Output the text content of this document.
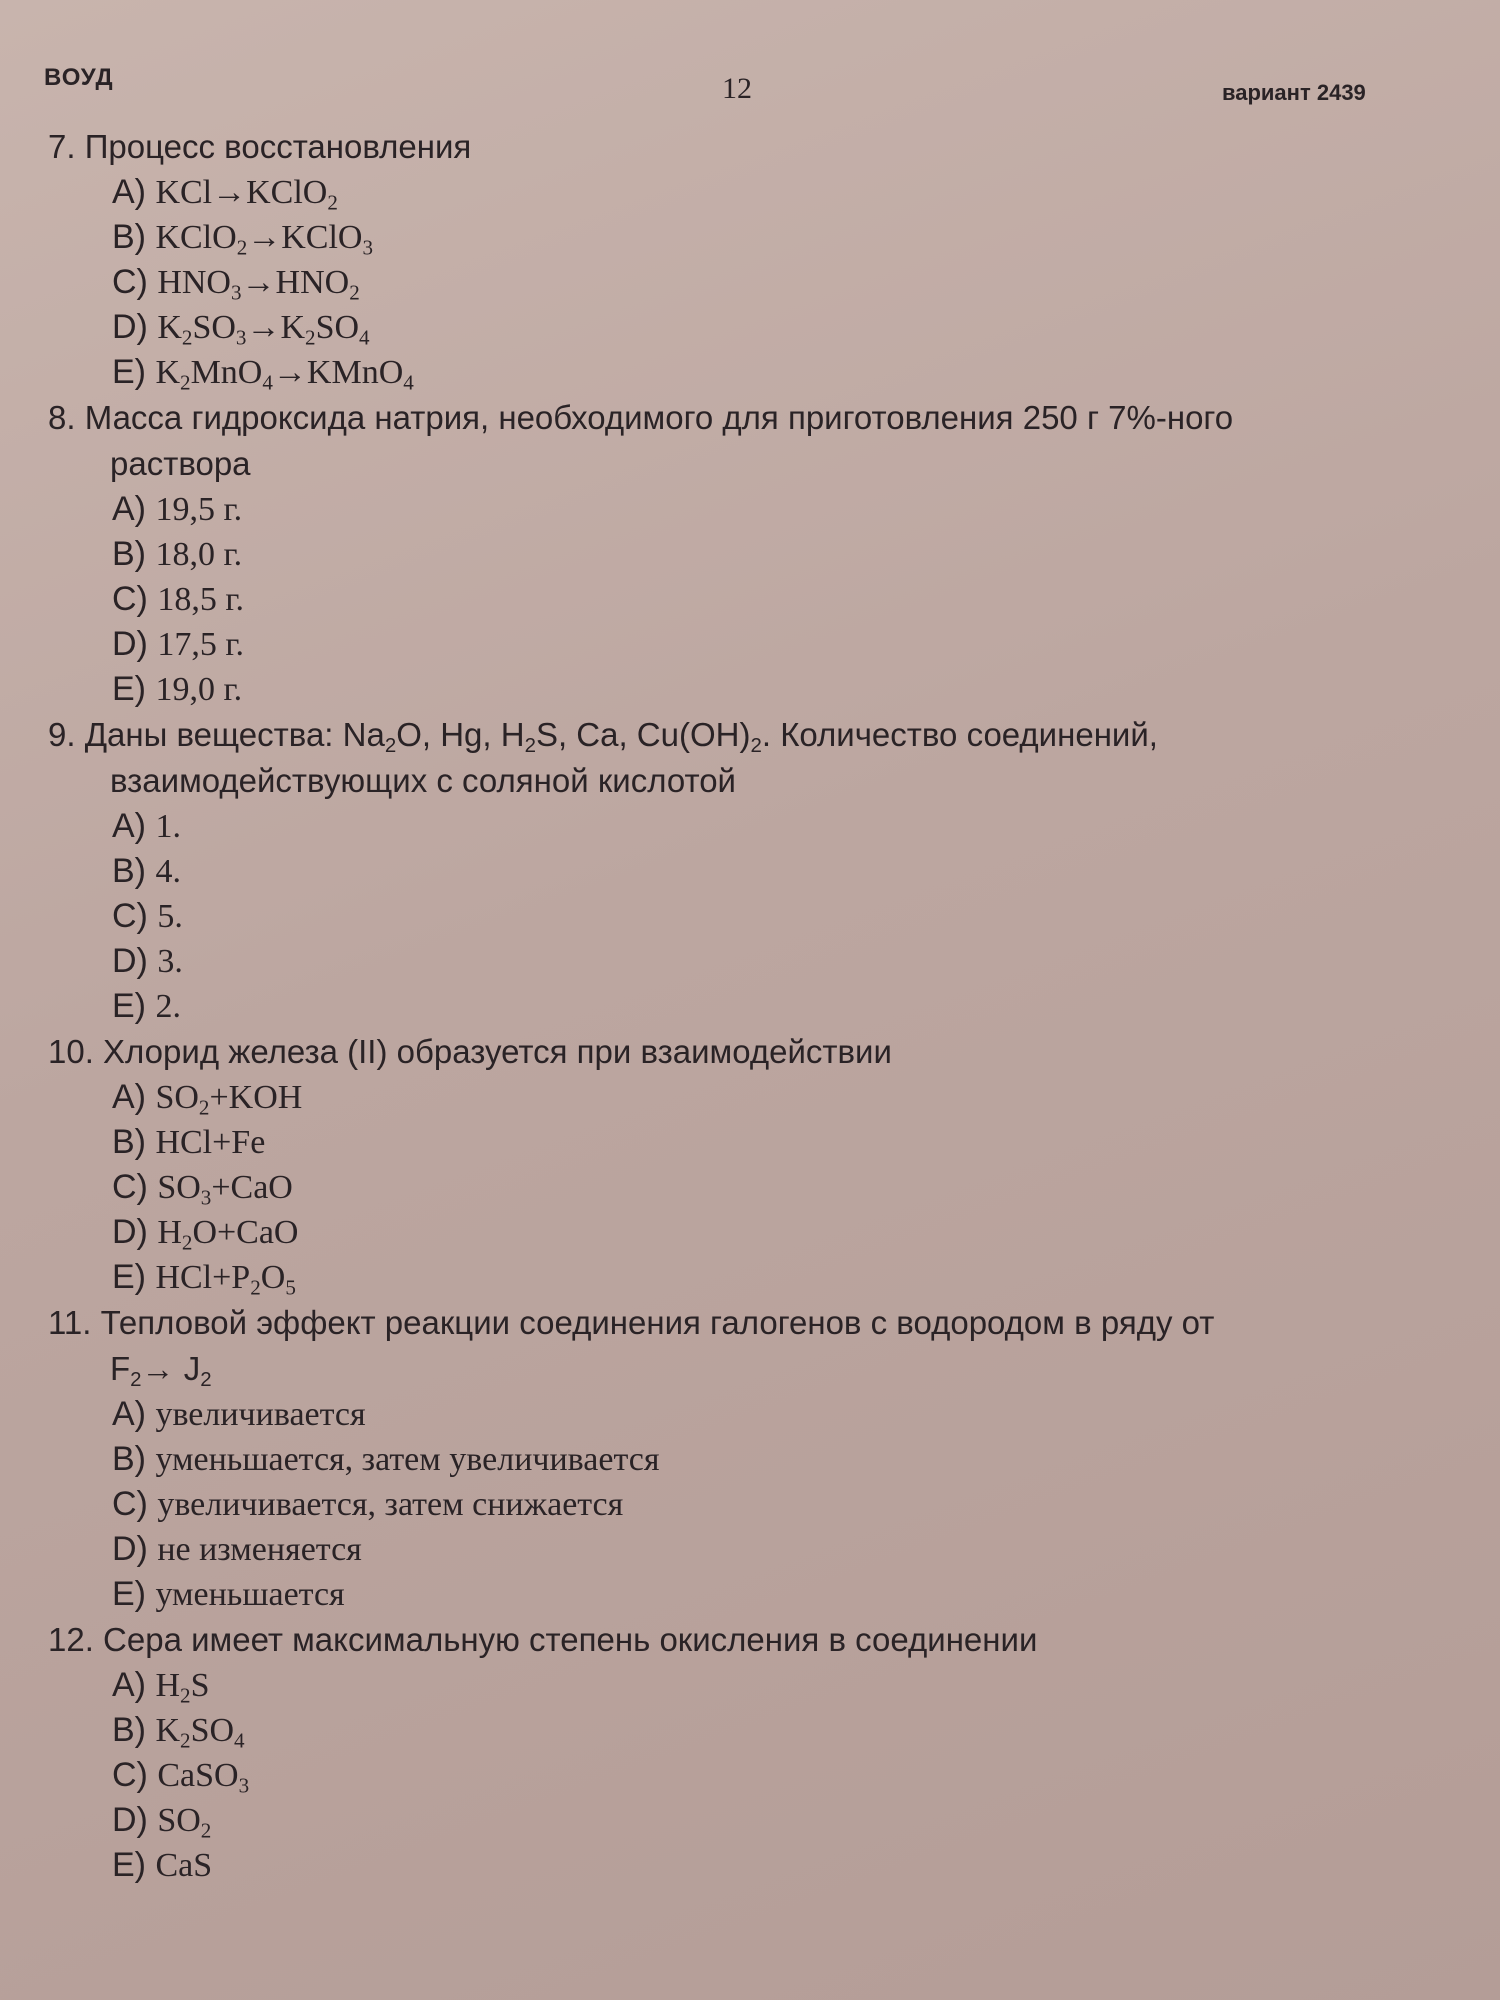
ВОУД	12	вариант 2439
7. Процесс восстановления
A) KCl→KClO$_2$
B) KClO$_2$→KClO$_3$
C) $HNO_3\to HNO_2$
D) $K_2SO_3\to K_2SO_4$
E) $K_2MnO_4\to KMnO_4$
8. Масса гидроксида натрия, необходимого для приготовления 250 г 7%-ного
раствора
A) 19,5 г.
B) 18,0 г.
C) 18,5 г.
D) 17,5 г.
E) 19,0 г.
9. Даны вещества: $Na_2O$, Hg, $H_2S$, Ca, $Cu(OH)_2$. Количество соединений,
взаимодействующих с соляной кислотой
A) 1.
B) 4.
C) 5.
D) 3.
E) 2.
10. Хлорид железа (II) образуется при взаимодействии
A) $SO_2+KOH$
B) HCl+Fe
C) $SO_3+CaO$
D) $H_2O+CaO$
E) $HCl+P_2O_5$
11. Тепловой эффект реакции соединения галогенов с водородом в ряду от
$F_2\to J_2$
A) увеличивается
B) уменьшается, затем увеличивается
C) увеличивается, затем снижается
D) не изменяется
E) уменьшается
12. Сера имеет максимальную степень окисления в соединении
A) $H_2S$
B) $K_2SO_4$
C) CaSO$_3$
D) $SO_2$
E) CaS
